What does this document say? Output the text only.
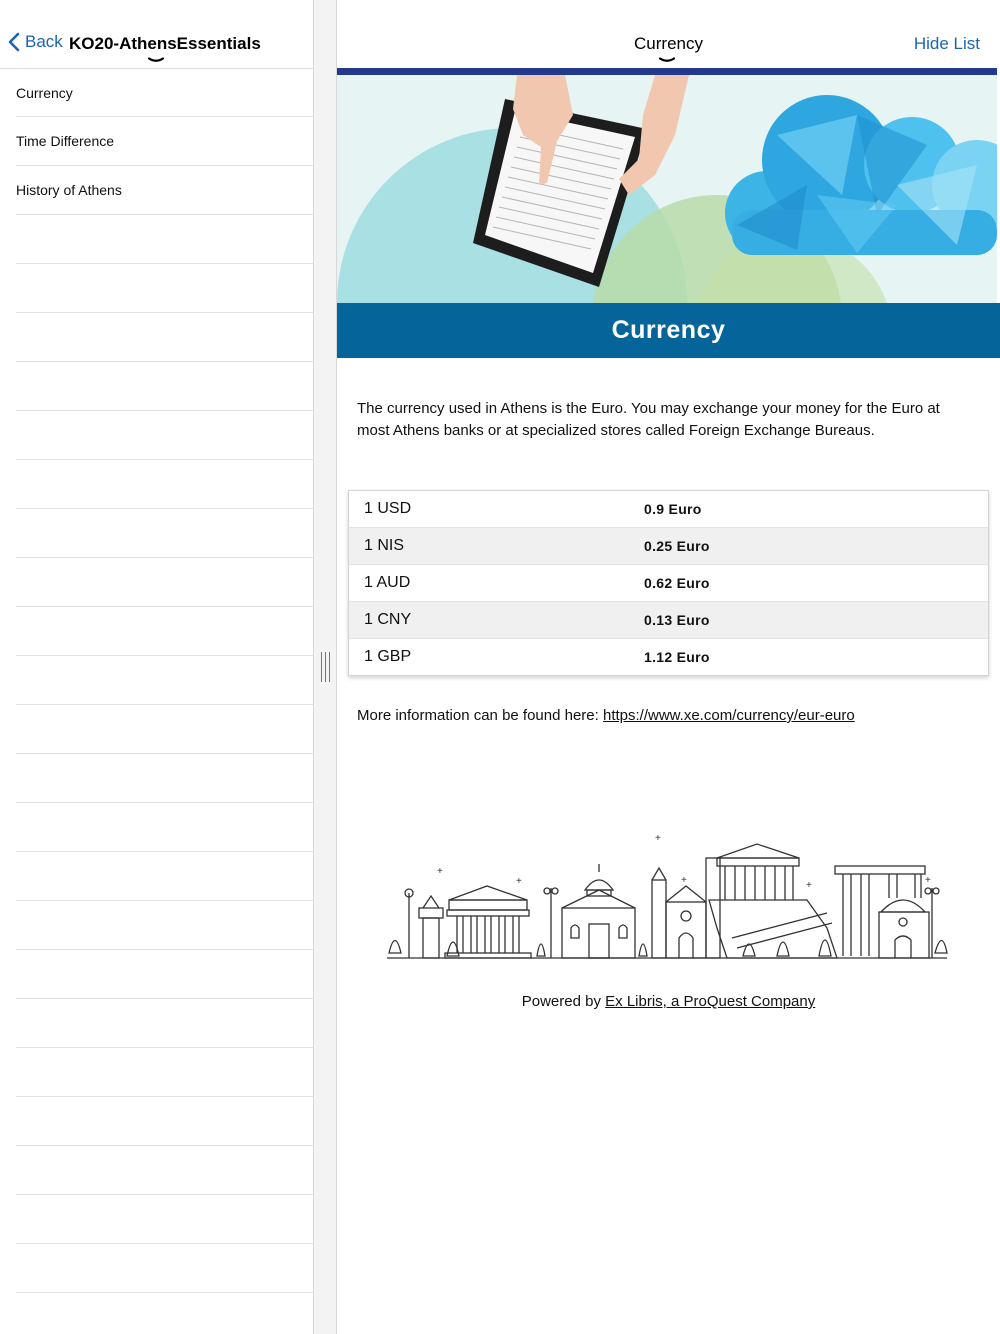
Back KO20-AthensEssentials
Currency
Time Difference
History of Athens
Currency	Hide List
Currency

The currency used in Athens is the Euro. You may exchange your money for the Euro at most Athens banks or at specialized stores called Foreign Exchange Bureaus.

1 USD	0.9 Euro
1 NIS	0.25 Euro
1 AUD	0.62 Euro
1 CNY	0.13 Euro
1 GBP	1.12 Euro
More information can be found here: https://www.xe.com/currency/eur-euro
+
+
+
+	+	+
Powered by Ex Libris, a ProQuest Company
